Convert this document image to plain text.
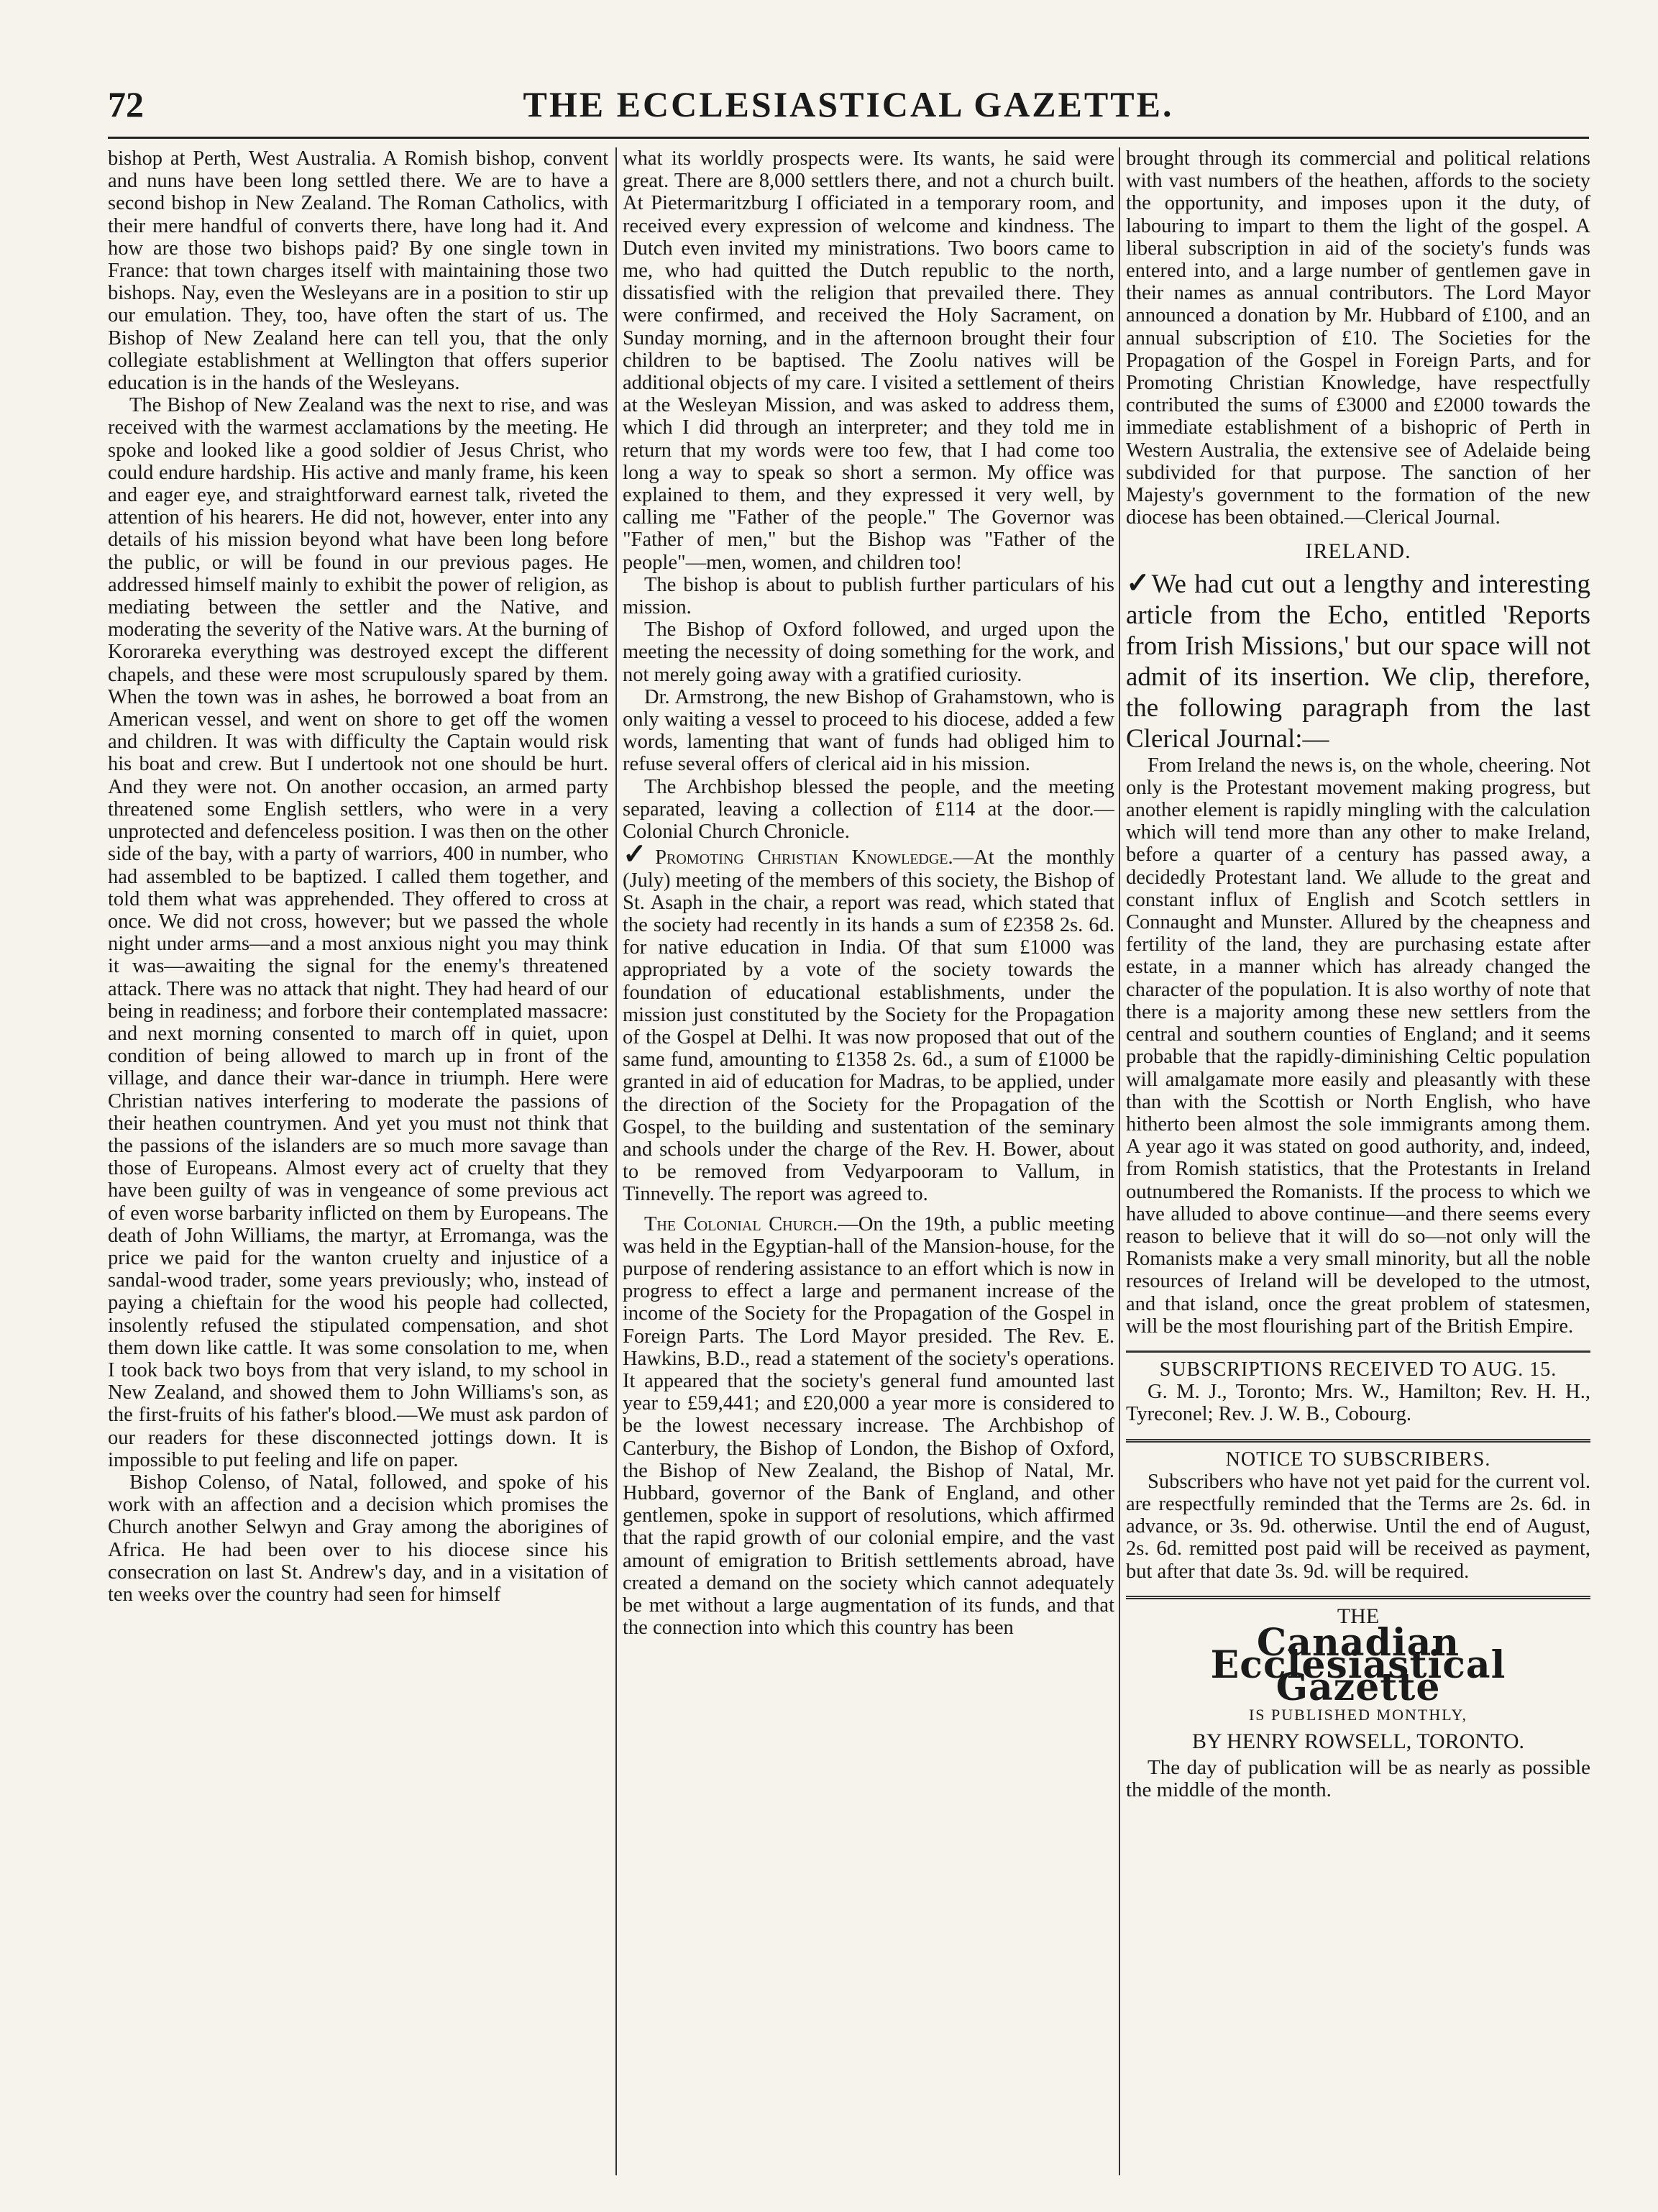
72	THE ECCLESIASTICAL GAZETTE.

bishop at Perth, West Australia. A Romish bishop, convent and nuns have been long settled there. We are to have a second bishop in New Zealand. The Roman Catholics, with their mere handful of converts there, have long had it. And how are those two bishops paid? By one single town in France: that town charges itself with maintaining those two bishops. Nay, even the Wesleyans are in a position to stir up our emulation. They, too, have often the start of us. The Bishop of New Zealand here can tell you, that the only collegiate establishment at Wellington that offers superior education is in the hands of the Wesleyans.

The Bishop of New Zealand was the next to rise, and was received with the warmest acclamations by the meeting. He spoke and looked like a good soldier of Jesus Christ, who could endure hardship. His active and manly frame, his keen and eager eye, and straightforward earnest talk, riveted the attention of his hearers. He did not, however, enter into any details of his mission beyond what have been long before the public, or will be found in our previous pages. He addressed himself mainly to exhibit the power of religion, as mediating between the settler and the Native, and moderating the severity of the Native wars. At the burning of Kororareka everything was destroyed except the different chapels, and these were most scrupulously spared by them. When the town was in ashes, he borrowed a boat from an American vessel, and went on shore to get off the women and children. It was with difficulty the Captain would risk his boat and crew. But I undertook not one should be hurt. And they were not. On another occasion, an armed party threatened some English settlers, who were in a very unprotected and defenceless position. I was then on the other side of the bay, with a party of warriors, 400 in number, who had assembled to be baptized. I called them together, and told them what was apprehended. They offered to cross at once. We did not cross, however; but we passed the whole night under arms—and a most anxious night you may think it was—awaiting the signal for the enemy's threatened attack. There was no attack that night. They had heard of our being in readiness; and forbore their contemplated massacre: and next morning consented to march off in quiet, upon condition of being allowed to march up in front of the village, and dance their war-dance in triumph. Here were Christian natives interfering to moderate the passions of their heathen countrymen. And yet you must not think that the passions of the islanders are so much more savage than those of Europeans. Almost every act of cruelty that they have been guilty of was in vengeance of some previous act of even worse barbarity inflicted on them by Europeans. The death of John Williams, the martyr, at Erromanga, was the price we paid for the wanton cruelty and injustice of a sandal-wood trader, some years previously; who, instead of paying a chieftain for the wood his people had collected, insolently refused the stipulated compensation, and shot them down like cattle. It was some consolation to me, when I took back two boys from that very island, to my school in New Zealand, and showed them to John Williams's son, as the first-fruits of his father's blood.—We must ask pardon of our readers for these disconnected jottings down. It is impossible to put feeling and life on paper.

Bishop Colenso, of Natal, followed, and spoke of his work with an affection and a decision which promises the Church another Selwyn and Gray among the aborigines of Africa. He had been over to his diocese since his consecration on last St. Andrew's day, and in a visitation of ten weeks over the country had seen for himself

what its worldly prospects were. Its wants, he said were great. There are 8,000 settlers there, and not a church built. At Pietermaritzburg I officiated in a temporary room, and received every expression of welcome and kindness. The Dutch even invited my ministrations. Two boors came to me, who had quitted the Dutch republic to the north, dissatisfied with the religion that prevailed there. They were confirmed, and received the Holy Sacrament, on Sunday morning, and in the afternoon brought their four children to be baptised. The Zoolu natives will be additional objects of my care. I visited a settlement of theirs at the Wesleyan Mission, and was asked to address them, which I did through an interpreter; and they told me in return that my words were too few, that I had come too long a way to speak so short a sermon. My office was explained to them, and they expressed it very well, by calling me "Father of the people." The Governor was "Father of men," but the Bishop was "Father of the people"—men, women, and children too!

The bishop is about to publish further particulars of his mission.

The Bishop of Oxford followed, and urged upon the meeting the necessity of doing something for the work, and not merely going away with a gratified curiosity.

Dr. Armstrong, the new Bishop of Grahamstown, who is only waiting a vessel to proceed to his diocese, added a few words, lamenting that want of funds had obliged him to refuse several offers of clerical aid in his mission.

The Archbishop blessed the people, and the meeting separated, leaving a collection of £114 at the door.—Colonial Church Chronicle.

✓Promoting Christian Knowledge.—At the monthly (July) meeting of the members of this society, the Bishop of St. Asaph in the chair, a report was read, which stated that the society had recently in its hands a sum of £2358 2s. 6d. for native education in India. Of that sum £1000 was appropriated by a vote of the society towards the foundation of educational establishments, under the mission just constituted by the Society for the Propagation of the Gospel at Delhi. It was now proposed that out of the same fund, amounting to £1358 2s. 6d., a sum of £1000 be granted in aid of education for Madras, to be applied, under the direction of the Society for the Propagation of the Gospel, to the building and sustentation of the seminary and schools under the charge of the Rev. H. Bower, about to be removed from Vedyarpooram to Vallum, in Tinnevelly. The report was agreed to.

The Colonial Church.—On the 19th, a public meeting was held in the Egyptian-hall of the Mansion-house, for the purpose of rendering assistance to an effort which is now in progress to effect a large and permanent increase of the income of the Society for the Propagation of the Gospel in Foreign Parts. The Lord Mayor presided. The Rev. E. Hawkins, B.D., read a statement of the society's operations. It appeared that the society's general fund amounted last year to £59,441; and £20,000 a year more is considered to be the lowest necessary increase. The Archbishop of Canterbury, the Bishop of London, the Bishop of Oxford, the Bishop of New Zealand, the Bishop of Natal, Mr. Hubbard, governor of the Bank of England, and other gentlemen, spoke in support of resolutions, which affirmed that the rapid growth of our colonial empire, and the vast amount of emigration to British settlements abroad, have created a demand on the society which cannot adequately be met without a large augmentation of its funds, and that the connection into which this country has been

brought through its commercial and political relations with vast numbers of the heathen, affords to the society the opportunity, and imposes upon it the duty, of labouring to impart to them the light of the gospel. A liberal subscription in aid of the society's funds was entered into, and a large number of gentlemen gave in their names as annual contributors. The Lord Mayor announced a donation by Mr. Hubbard of £100, and an annual subscription of £10. The Societies for the Propagation of the Gospel in Foreign Parts, and for Promoting Christian Knowledge, have respectfully contributed the sums of £3000 and £2000 towards the immediate establishment of a bishopric of Perth in Western Australia, the extensive see of Adelaide being subdivided for that purpose. The sanction of her Majesty's government to the formation of the new diocese has been obtained.—Clerical Journal.

IRELAND.

✓We had cut out a lengthy and interesting article from the Echo, entitled 'Reports from Irish Missions,' but our space will not admit of its insertion. We clip, therefore, the following paragraph from the last Clerical Journal:—

From Ireland the news is, on the whole, cheering. Not only is the Protestant movement making progress, but another element is rapidly mingling with the calculation which will tend more than any other to make Ireland, before a quarter of a century has passed away, a decidedly Protestant land. We allude to the great and constant influx of English and Scotch settlers in Connaught and Munster. Allured by the cheapness and fertility of the land, they are purchasing estate after estate, in a manner which has already changed the character of the population. It is also worthy of note that there is a majority among these new settlers from the central and southern counties of England; and it seems probable that the rapidly-diminishing Celtic population will amalgamate more easily and pleasantly with these than with the Scottish or North English, who have hitherto been almost the sole immigrants among them. A year ago it was stated on good authority, and, indeed, from Romish statistics, that the Protestants in Ireland outnumbered the Romanists. If the process to which we have alluded to above continue—and there seems every reason to believe that it will do so—not only will the Romanists make a very small minority, but all the noble resources of Ireland will be developed to the utmost, and that island, once the great problem of statesmen, will be the most flourishing part of the British Empire.

SUBSCRIPTIONS RECEIVED TO AUG. 15.

G. M. J., Toronto; Mrs. W., Hamilton; Rev. H. H., Tyreconel; Rev. J. W. B., Cobourg.

NOTICE TO SUBSCRIBERS.

Subscribers who have not yet paid for the current vol. are respectfully reminded that the Terms are 2s. 6d. in advance, or 3s. 9d. otherwise. Until the end of August, 2s. 6d. remitted post paid will be received as payment, but after that date 3s. 9d. will be required.

THE

Canadian Ecclesiastical Gazette

IS PUBLISHED MONTHLY,

BY HENRY ROWSELL, TORONTO.

The day of publication will be as nearly as possible the middle of the month.
